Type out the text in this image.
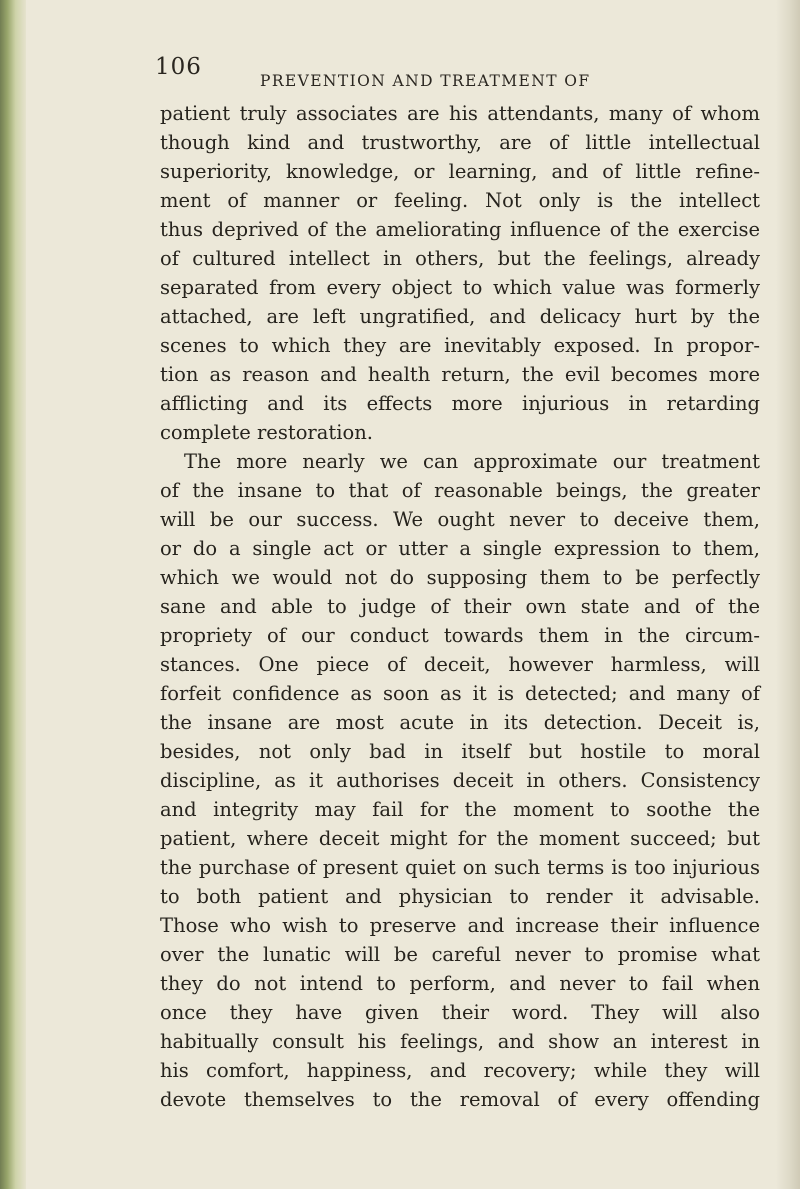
106
PREVENTION AND TREATMENT OF
patient truly associates are his attendants, many of whom
though kind and trustworthy, are of little intellectual
superiority, knowledge, or learning, and of little refine-
ment of manner or feeling. Not only is the intellect
thus deprived of the ameliorating influence of the exercise
of cultured intellect in others, but the feelings, already
separated from every object to which value was formerly
attached, are left ungratified, and delicacy hurt by the
scenes to which they are inevitably exposed. In propor-
tion as reason and health return, the evil becomes more
afflicting and its effects more injurious in retarding
complete restoration.
The more nearly we can approximate our treatment
of the insane to that of reasonable beings, the greater
will be our success. We ought never to deceive them,
or do a single act or utter a single expression to them,
which we would not do supposing them to be perfectly
sane and able to judge of their own state and of the
propriety of our conduct towards them in the circum-
stances. One piece of deceit, however harmless, will
forfeit confidence as soon as it is detected; and many of
the insane are most acute in its detection. Deceit is,
besides, not only bad in itself but hostile to moral
discipline, as it authorises deceit in others. Consistency
and integrity may fail for the moment to soothe the
patient, where deceit might for the moment succeed; but
the purchase of present quiet on such terms is too injurious
to both patient and physician to render it advisable.
Those who wish to preserve and increase their influence
over the lunatic will be careful never to promise what
they do not intend to perform, and never to fail when
once they have given their word. They will also
habitually consult his feelings, and show an interest in
his comfort, happiness, and recovery; while they will
devote themselves to the removal of every offending
